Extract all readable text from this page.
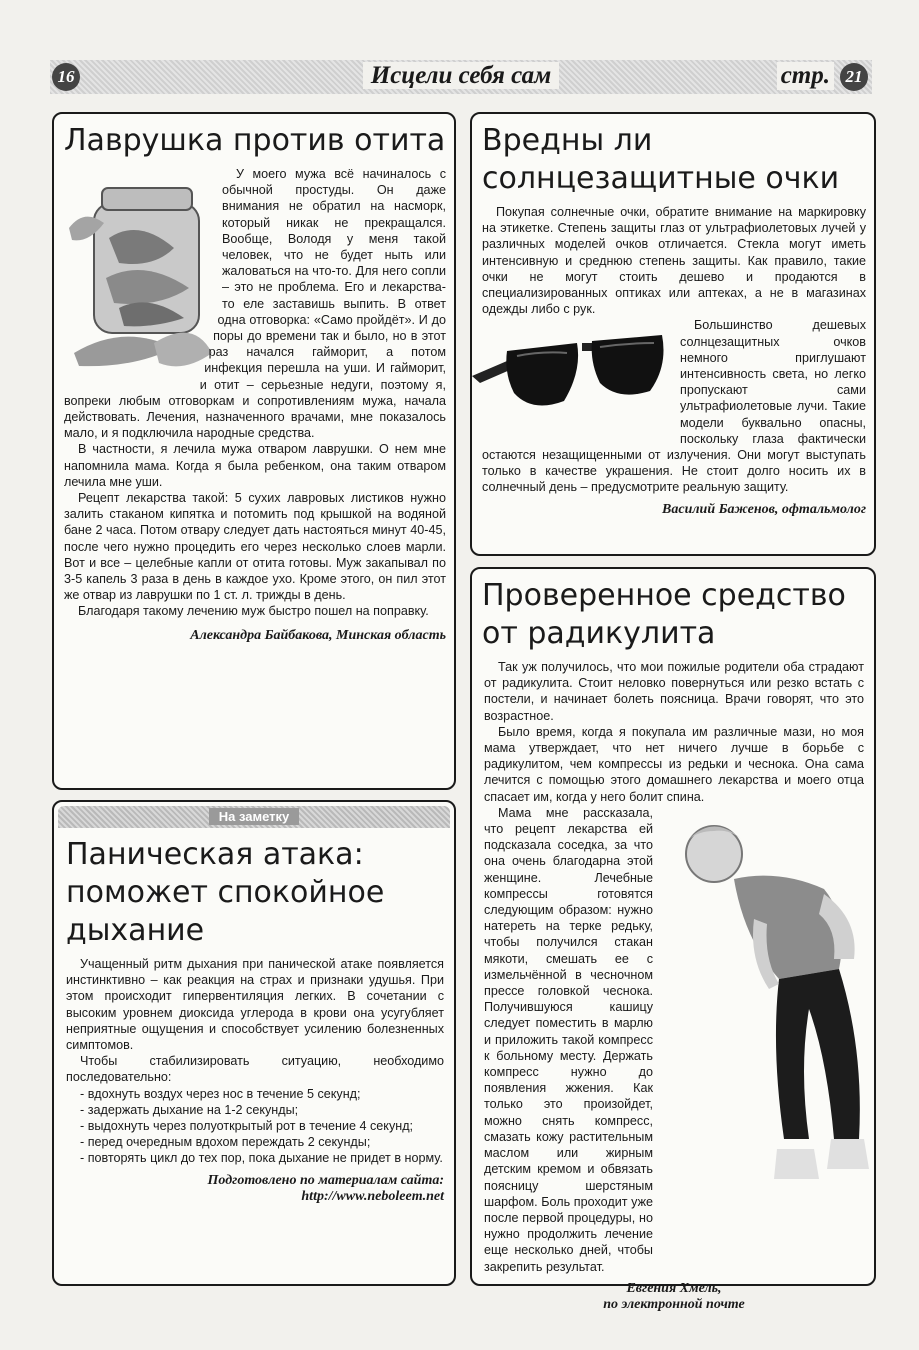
16	Исцели себя сам	стр. 21
Лаврушка против отита

У моего мужа всё начиналось с обычной простуды. Он даже внимания не обратил на насморк, который никак не прекращался. Вообще, Володя у меня такой человек, что не будет ныть или жаловаться на что-то. Для него сопли – это не проблема. Его и лекарства-то еле заставишь выпить. В ответ одна отговорка: «Само пройдёт». И до поры до времени так и было, но в этот раз начался гайморит, а потом инфекция перешла на уши. И гайморит, и отит – серьезные недуги, поэтому я, вопреки любым отговоркам и сопротивлениям мужа, начала действовать. Лечения, назначенного врачами, мне показалось мало, и я подключила народные средства.

В частности, я лечила мужа отваром лаврушки. О нем мне напомнила мама. Когда я была ребенком, она таким отваром лечила мне уши.

Рецепт лекарства такой: 5 сухих лавровых листиков нужно залить стаканом кипятка и потомить под крышкой на водяной бане 2 часа. Потом отвару следует дать настояться минут 40-45, после чего нужно процедить его через несколько слоев марли. Вот и все – целебные капли от отита готовы. Муж закапывал по 3-5 капель 3 раза в день в каждое ухо. Кроме этого, он пил этот же отвар из лаврушки по 1 ст. л. трижды в день.

Благодаря такому лечению муж быстро пошел на поправку.

Александра Байбакова, Минская область
Вредны ли солнцезащитные очки

Покупая солнечные очки, обратите внимание на маркировку на этикетке. Степень защиты глаз от ультрафиолетовых лучей у различных моделей очков отличается. Стекла могут иметь интенсивную и среднюю степень защиты. Как правило, такие очки не могут стоить дешево и продаются в специализированных оптиках или аптеках, а не в магазинах одежды либо с рук.

Большинство дешевых солнцезащитных очков немного приглушают интенсивность света, но легко пропускают сами ультрафиолетовые лучи. Такие модели буквально опасны, поскольку глаза фактически остаются незащищенными от излучения. Они могут выступать только в качестве украшения. Не стоит долго носить их в солнечный день – предусмотрите реальную защиту.

Василий Баженов, офтальмолог
На заметку
Паническая атака: поможет спокойное дыхание

Учащенный ритм дыхания при панической атаке появляется инстинктивно – как реакция на страх и признаки удушья. При этом происходит гипервентиляция легких. В сочетании с высоким уровнем диоксида углерода в крови она усугубляет неприятные ощущения и способствует усилению болезненных симптомов.

Чтобы стабилизировать ситуацию, необходимо последовательно:

- вдохнуть воздух через нос в течение 5 секунд;
- задержать дыхание на 1-2 секунды;
- выдохнуть через полуоткрытый рот в течение 4 секунд;
- перед очередным вдохом переждать 2 секунды;
- повторять цикл до тех пор, пока дыхание не придет в норму.
Подготовлено по материалам сайта:
http://www.neboleem.net
Проверенное средство от радикулита

Так уж получилось, что мои пожилые родители оба страдают от радикулита. Стоит неловко повернуться или резко встать с постели, и начинает болеть поясница. Врачи говорят, что это возрастное.

Было время, когда я покупала им различные мази, но моя мама утверждает, что нет ничего лучше в борьбе с радикулитом, чем компрессы из редьки и чеснока. Она сама лечится с помощью этого домашнего лекарства и моего отца спасает им, когда у него болит спина.

Мама мне рассказала, что рецепт лекарства ей подсказала соседка, за что она очень благодарна этой женщине. Лечебные компрессы готовятся следующим образом: нужно натереть на терке редьку, чтобы получился стакан мякоти, смешать ее с измельчённой в чесночном прессе головкой чеснока. Получившуюся кашицу следует поместить в марлю и приложить такой компресс к больному месту. Держать компресс нужно до появления жжения. Как только это произойдет, можно снять компресс, смазать кожу растительным маслом или жирным детским кремом и обвязать поясницу шерстяным шарфом. Боль проходит уже после первой процедуры, но нужно продолжить лечение еще несколько дней, чтобы закрепить результат.

Евгения Хмель,
по электронной почте
